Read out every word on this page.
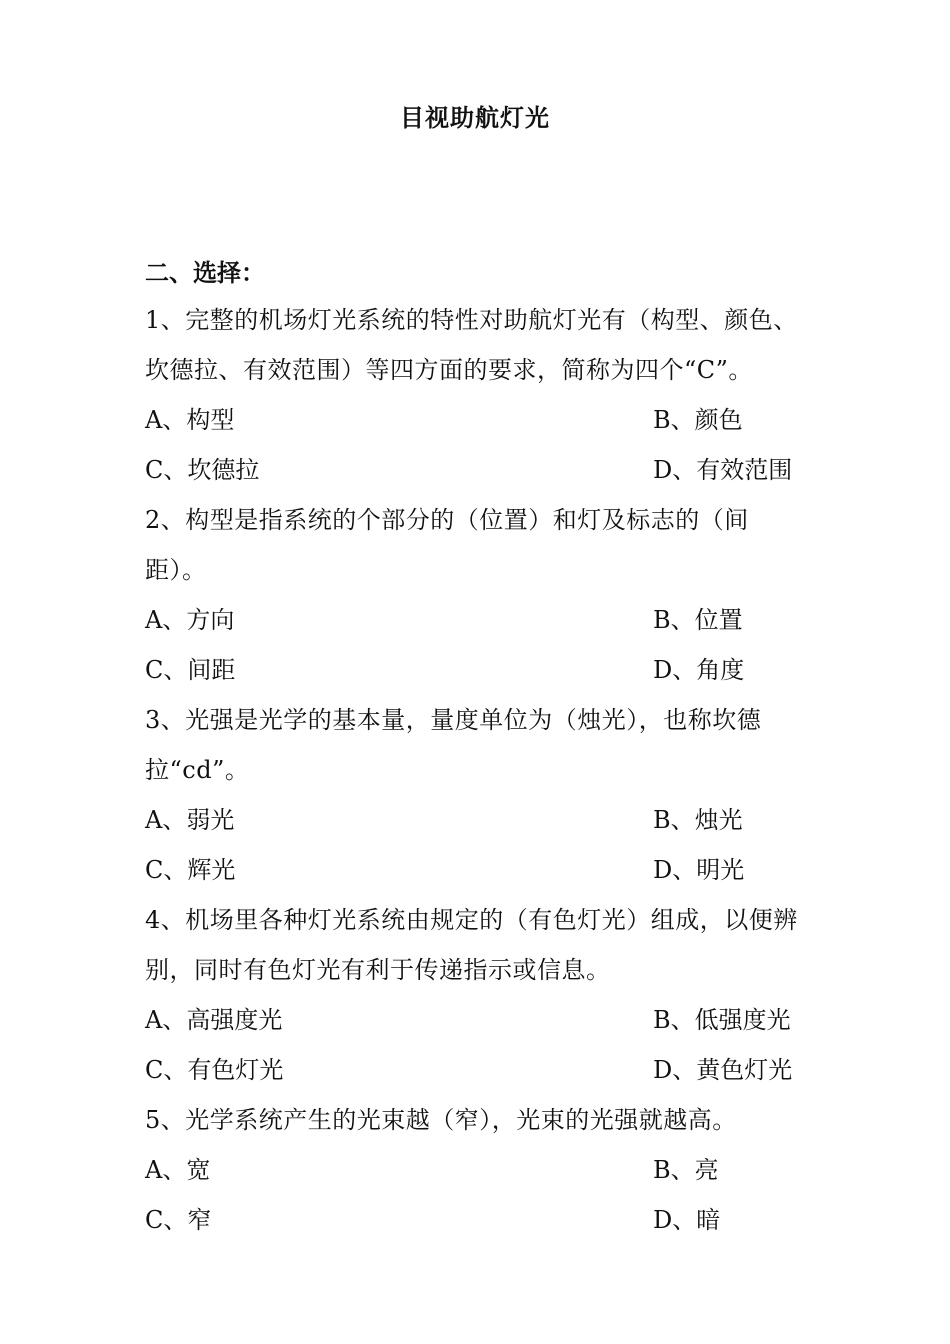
目视助航灯光
二、选择：

1、完整的机场灯光系统的特性对助航灯光有（构型、颜色、坎德拉、有效范围）等四方面的要求，简称为四个“C”。

A、构型	B、颜色
C、坎德拉	D、有效范围

2、构型是指系统的个部分的（位置）和灯及标志的（间距）。

A、方向	B、位置
C、间距	D、角度

3、光强是光学的基本量，量度单位为（烛光），也称坎德拉“cd”。

A、弱光	B、烛光
C、辉光	D、明光

4、机场里各种灯光系统由规定的（有色灯光）组成，以便辨别，同时有色灯光有利于传递指示或信息。

A、高强度光	B、低强度光
C、有色灯光	D、黄色灯光

5、光学系统产生的光束越（窄），光束的光强就越高。

A、宽	B、亮
C、窄	D、暗
